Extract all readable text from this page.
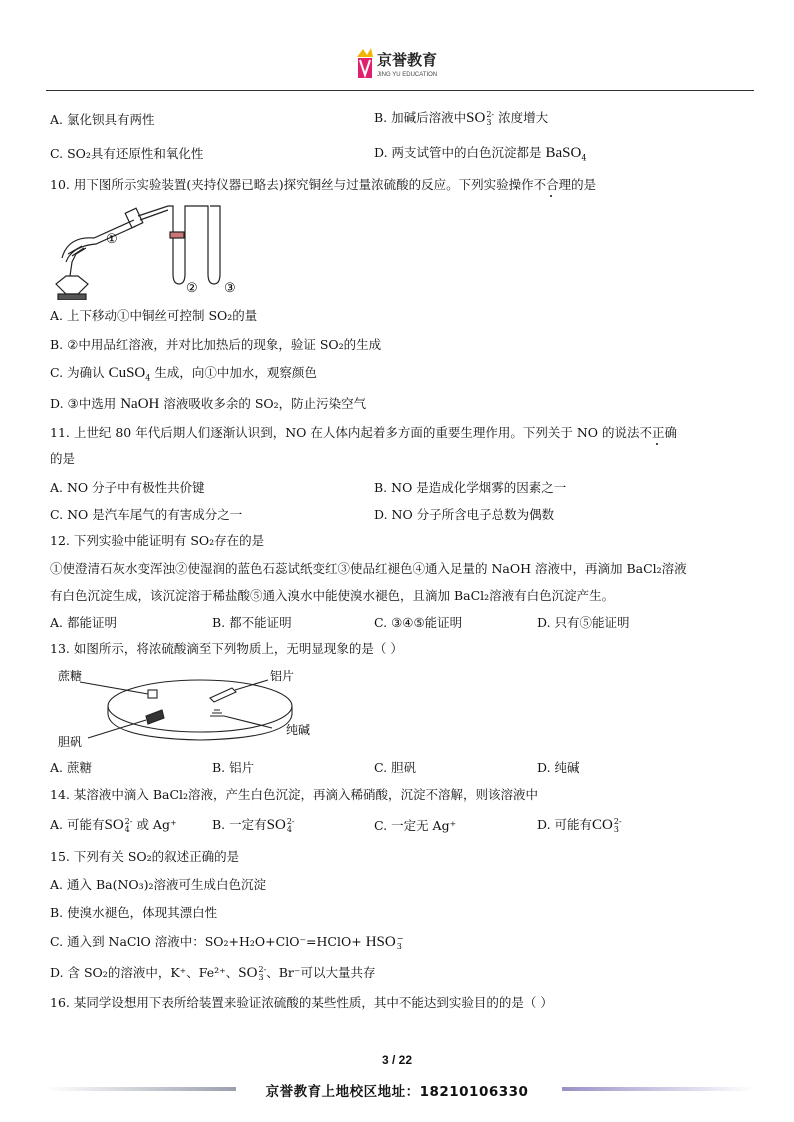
京誉教育
JING YU EDUCATION
A. 氯化钡具有两性	B. 加碱后溶液中SO 2-
3 浓度增大
C. SO₂具有还原性和氧化性	D. 两支试管中的白色沉淀都是 BaSO$_4$
10. 用下图所示实验装置(夹持仪器已略去)探究铜丝与过量浓硫酸的反应。下列实验操作不合理的是
①
② ③
A. 上下移动①中铜丝可控制 SO₂的量
B. ②中用品红溶液，并对比加热后的现象，验证 SO₂的生成
C. 为确认 CuSO$_4$ 生成，向①中加水，观察颜色
D. ③中选用 NaOH 溶液吸收多余的 SO₂，防止污染空气
11. 上世纪 80 年代后期人们逐渐认识到，NO 在人体内起着多方面的重要生理作用。下列关于 NO 的说法不正确
的是
A. NO 分子中有极性共价键	B. NO 是造成化学烟雾的因素之一
C. NO 是汽车尾气的有害成分之一	D. NO 分子所含电子总数为偶数
12. 下列实验中能证明有 SO₂存在的是
①使澄清石灰水变浑浊②使湿润的蓝色石蕊试纸变红③使品红褪色④通入足量的 NaOH 溶液中，再滴加 BaCl₂溶液
有白色沉淀生成，该沉淀溶于稀盐酸⑤通入溴水中能使溴水褪色，且滴加 BaCl₂溶液有白色沉淀产生。
A. 都能证明	B. 都不能证明	C. ③④⑤能证明	D. 只有⑤能证明
13. 如图所示，将浓硫酸滴至下列物质上，无明显现象的是（ ）
蔗糖	铝片
纯碱
胆矾
A. 蔗糖	B. 铝片	C. 胆矾	D. 纯碱
14. 某溶液中滴入 BaCl₂溶液，产生白色沉淀，再滴入稀硝酸，沉淀不溶解，则该溶液中
A. 可能有SO 2-
4 或 Ag⁺	B. 一定有SO 2-
4	C. 一定无 Ag⁺	D. 可能有CO 2-
3
15. 下列有关 SO₂的叙述正确的是
A. 通入 Ba(NO₃)₂溶液可生成白色沉淀
B. 使溴水褪色，体现其漂白性
C. 通入到 NaClO 溶液中：SO₂+H₂O+ClO⁻=HClO+ HSO −
3
D. 含 SO₂的溶液中，K⁺、Fe²⁺、SO 2-
3 、Br⁻可以大量共存
16. 某同学设想用下表所给装置来验证浓硫酸的某些性质，其中不能达到实验目的的是（ ）
3 / 22
京誉教育上地校区地址：18210106330
